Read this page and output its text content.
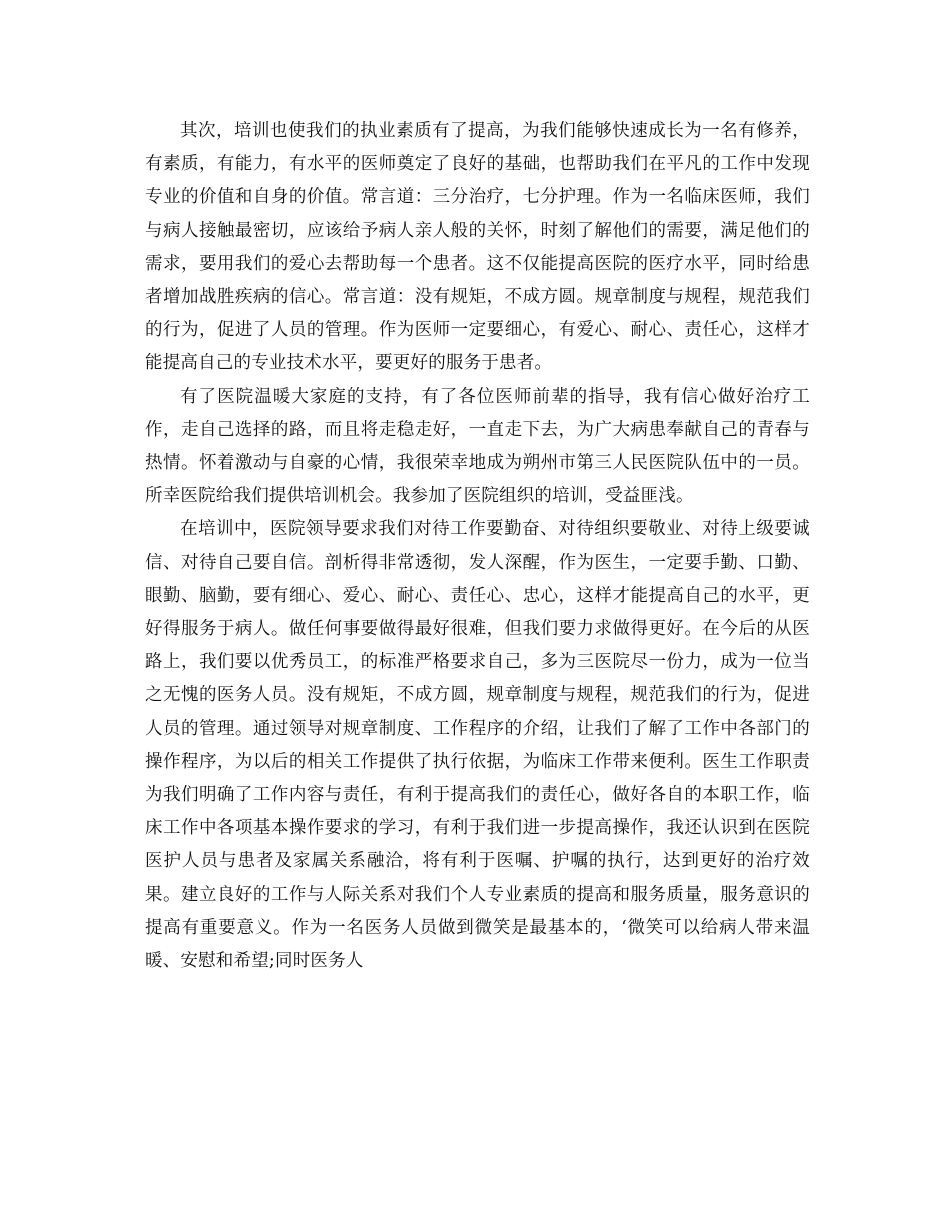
其次，培训也使我们的执业素质有了提高，为我们能够快速成长为一名有修养，有素质，有能力，有水平的医师奠定了良好的基础，也帮助我们在平凡的工作中发现专业的价值和自身的价值。常言道：三分治疗，七分护理。作为一名临床医师，我们与病人接触最密切，应该给予病人亲人般的关怀，时刻了解他们的需要，满足他们的需求，要用我们的爱心去帮助每一个患者。这不仅能提高医院的医疗水平，同时给患者增加战胜疾病的信心。常言道：没有规矩，不成方圆。规章制度与规程，规范我们的行为，促进了人员的管理。作为医师一定要细心，有爱心、耐心、责任心，这样才能提高自己的专业技术水平，要更好的服务于患者。

有了医院温暖大家庭的支持，有了各位医师前辈的指导，我有信心做好治疗工作，走自己选择的路，而且将走稳走好，一直走下去，为广大病患奉献自己的青春与热情。怀着激动与自豪的心情，我很荣幸地成为朔州市第三人民医院队伍中的一员。所幸医院给我们提供培训机会。我参加了医院组织的培训，受益匪浅。

在培训中，医院领导要求我们对待工作要勤奋、对待组织要敬业、对待上级要诚信、对待自己要自信。剖析得非常透彻，发人深醒，作为医生，一定要手勤、口勤、眼勤、脑勤，要有细心、爱心、耐心、责任心、忠心，这样才能提高自己的水平，更好得服务于病人。做任何事要做得最好很难，但我们要力求做得更好。在今后的从医路上，我们要以优秀员工，的标准严格要求自己，多为三医院尽一份力，成为一位当之无愧的医务人员。没有规矩，不成方圆，规章制度与规程，规范我们的行为，促进人员的管理。通过领导对规章制度、工作程序的介绍，让我们了解了工作中各部门的操作程序，为以后的相关工作提供了执行依据，为临床工作带来便利。医生工作职责为我们明确了工作内容与责任，有利于提高我们的责任心，做好各自的本职工作，临床工作中各项基本操作要求的学习，有利于我们进一步提高操作，我还认识到在医院医护人员与患者及家属关系融洽，将有利于医嘱、护嘱的执行，达到更好的治疗效果。建立良好的工作与人际关系对我们个人专业素质的提高和服务质量，服务意识的提高有重要意义。作为一名医务人员做到微笑是最基本的，‘微笑可以给病人带来温暖、安慰和希望;同时医务人
